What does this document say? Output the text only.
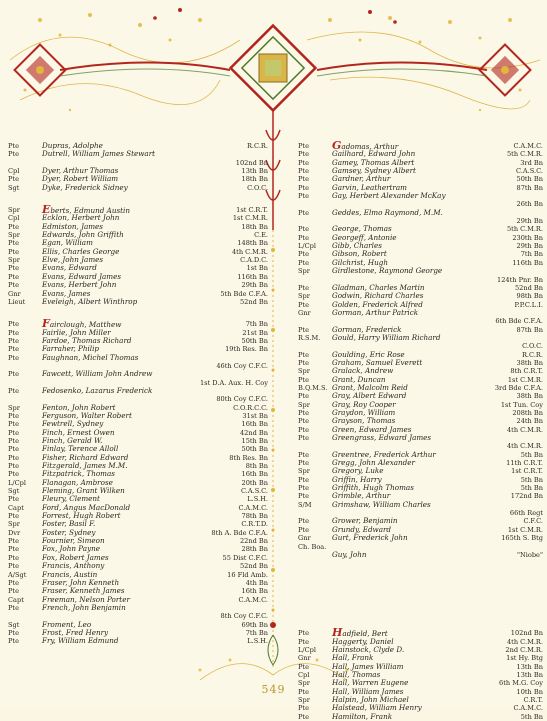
Pte	Dupras, Adolphe	R.C.R.
Pte	Dutrell, William James Stewart
102nd Bn
Cpl	Dyer, Arthur Thomas	13th Bn
Pte	Dyer, Robert William	18th Bn
Sgt	Dyke, Frederick Sidney	C.O.C.
Spr	Eberts, Edmund Austin	1st C.R.T.
Cpl	Ecklon, Herbert John	1st C.M.R.
Pte	Edmiston, James	18th Bn
Spr	Edwards, John Griffith	C.E.
Pte	Egan, William	148th Bn
Pte	Ellis, Charles George	4th C.M.R.
Spr	Elve, John James	C.A.D.C.
Pte	Evans, Edward	1st Bn
Pte	Evans, Edward James	116th Bn
Pte	Evans, Herbert John	29th Bn
Gnr	Evans, James	5th Bde C.F.A.
Lieut	Eveleigh, Albert Winthrop	52nd Bn
Pte	Fairclough, Matthew	7th Bn
Pte	Fairlie, John Miller	21st Bn
Pte	Fardoe, Thomas Richard	50th Bn
Pte	Farraher, Philip	19th Res. Bn
Pte	Faughnan, Michel Thomas
46th Coy C.F.C.
Pte	Fawcett, William John Andrew
1st D.A. Aux. H. Coy
Pte	Fedosenko, Lazarus Frederick
80th Coy C.F.C.
Spr	Fenton, John Robert	C.O.R.C.C.
Pte	Ferguson, Walter Robert	31st Bn
Pte	Fewtrell, Sydney	16th Bn
Pte	Finch, Ernest Owen	42nd Bn
Pte	Finch, Gerald W.	15th Bn
Pte	Finlay, Terence Alloll	50th Bn
Pte	Fisher, Richard Edward	8th Res. Bn
Pte	Fitzgerald, James M.M.	8th Bn
Pte	Fitzpatrick, Thomas	16th Bn
L/Cpl	Flanagan, Ambrose	20th Bn
Sgt	Fleming, Grant Wilken	C.A.S.C.
Pte	Fleury, Clement	L.S.H.
Capt	Ford, Angus MacDonald	C.A.M.C.
Pte	Forrest, Hugh Robert	78th Bn
Spr	Foster, Basil F.	C.R.T.D.
Dvr	Foster, Sydney	8th A. Bde C.F.A.
Pte	Fournier, Simeon	22nd Bn
Pte	Fox, John Payne	28th Bn
Pte	Fox, Robert James	55 Dist C.F.C.
Pte	Francis, Anthony	52nd Bn
A/Sgt	Francis, Austin	16 Fld Amb.
Pte	Fraser, John Kenneth	4th Bn
Pte	Fraser, Kenneth James	16th Bn
Capt	Freeman, Nelson Porter	C.A.M.C.
Pte	French, John Benjamin
8th Coy C.F.C.
Sgt	Froment, Leo	69th Bn
Pte	Frost, Fred Henry	7th Bn
Pte	Fry, William Edmund	L.S.H.
Pte	Gadomas, Arthur	C.A.M.C.
Pte	Gailhard, Edward John	5th C.M.R.
Pte	Gamey, Thomas Albert	3rd Bn
Pte	Gamsey, Sydney Albert	C.A.S.C.
Pte	Gardner, Arthur	50th Bn
Pte	Garvin, Leathertram	87th Bn
Pte	Gay, Herbert Alexander McKay
26th Bn
Pte	Geddes, Elmo Raymond, M.M.
29th Bn
Pte	George, Thomas	5th C.M.R.
Pte	Georgeff, Antonie	230th Bn
L/Cpl	Gibb, Charles	29th Bn
Pte	Gibson, Robert	7th Bn
Pte	Gilchrist, Hugh	116th Bn
Spr	Girdlestone, Raymond George
124th Pnr. Bn
Pte	Gladman, Charles Martin	52nd Bn
Spr	Godwin, Richard Charles	98th Bn
Pte	Golden, Frederick Alfred	P.P.C.L.I.
Gnr	Gorman, Arthur Patrick
6th Bde C.F.A.
Pte	Gorman, Frederick	87th Bn
R.S.M.	Gould, Harry William Richard
C.O.C.
Pte	Goulding, Eric Rose	R.C.R.
Pte	Graham, Samuel Everett	38th Bn
Spr	Gralack, Andrew	8th C.R.T.
Pte	Grant, Duncan	1st C.M.R.
B.Q.M.S. Grant, Malcolm Reid	3rd Bde C.F.A.
Pte	Gray, Albert Edward	38th Bn
Spr	Gray, Roy Cooper	1st Tun. Coy
Pte	Graydon, William	208th Bn
Pte	Grayson, Thomas	24th Bn
Pte	Green, Edward James	4th C.M.R.
Pte	Greengrass, Edward James
4th C.M.R.
Pte	Greentree, Frederick Arthur	5th Bn
Pte	Gregg, John Alexander	11th C.R.T.
Spr	Gregory, Luke	1st C.R.T.
Pte	Griffin, Harry	5th Bn
Pte	Griffith, Hugh Thomas	5th Bn
Pte	Grimble, Arthur	172nd Bn
S/M	Grimshaw, William Charles
66th Regt
Pte	Grower, Benjamin	C.F.C.
Pte	Grundy, Edward	1st C.M.R.
Gnr	Gurt, Frederick John	165th S. Btg
Ch. Boa.
Guy, John	"Niobe"
Pte	Hadfield, Bert	102nd Bn
Pte	Haggerty, Daniel	4th C.M.R.
L/Cpl	Hainstock, Clyde D.	2nd C.M.R.
Gnr	Hall, Frank	1st Hy. Btg
Pte	Hall, James William	13th Bn
Cpl	Hall, Thomas	13th Bn
Spr	Hall, Warren Eugene	6th M.G. Coy
Pte	Hall, William James	10th Bn
Spr	Halpin, John Michael	C.R.T.
Pte	Halstead, William Henry	C.A.M.C.
Pte	Hamilton, Frank	5th Bn
549
